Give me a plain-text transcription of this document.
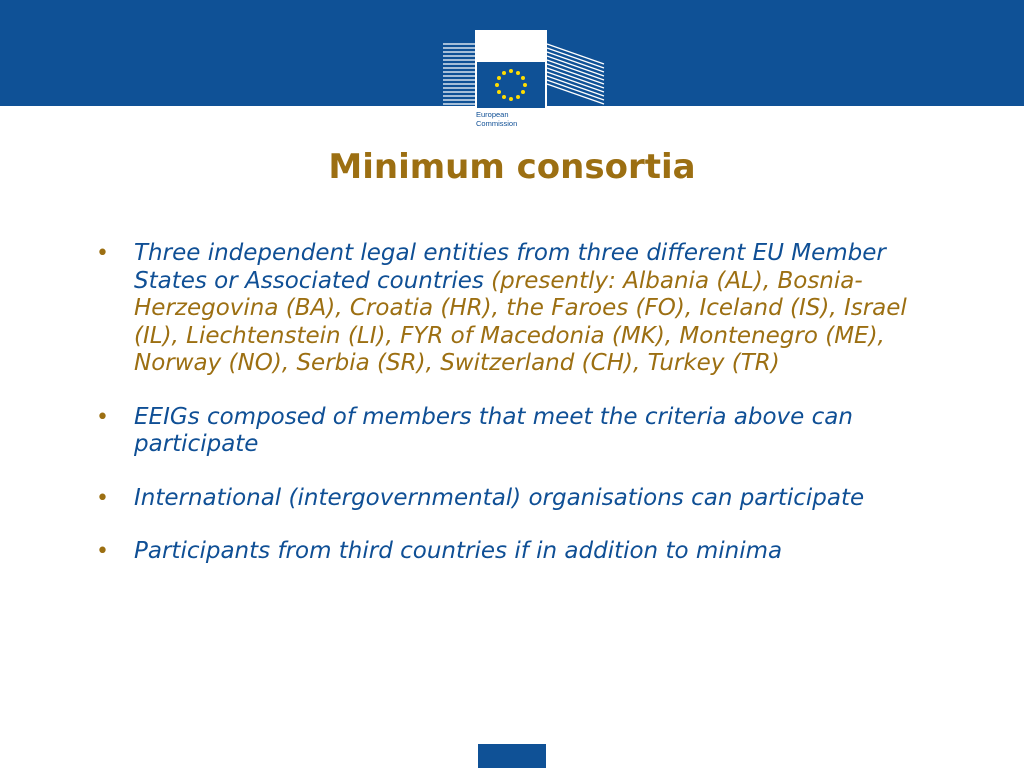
European
Commission
Minimum consortia
•	Three independent legal entities from three different EU Member States or Associated countries (presently: Albania (AL), Bosnia-Herzegovina (BA), Croatia (HR), the Faroes (FO), Iceland (IS), Israel (IL), Liechtenstein (LI), FYR of Macedonia (MK), Montenegro (ME), Norway (NO), Serbia (SR), Switzerland (CH), Turkey (TR)
•	EEIGs composed of members that meet the criteria above can participate
•	International (intergovernmental) organisations can participate
•	Participants from third countries if in addition to minima
